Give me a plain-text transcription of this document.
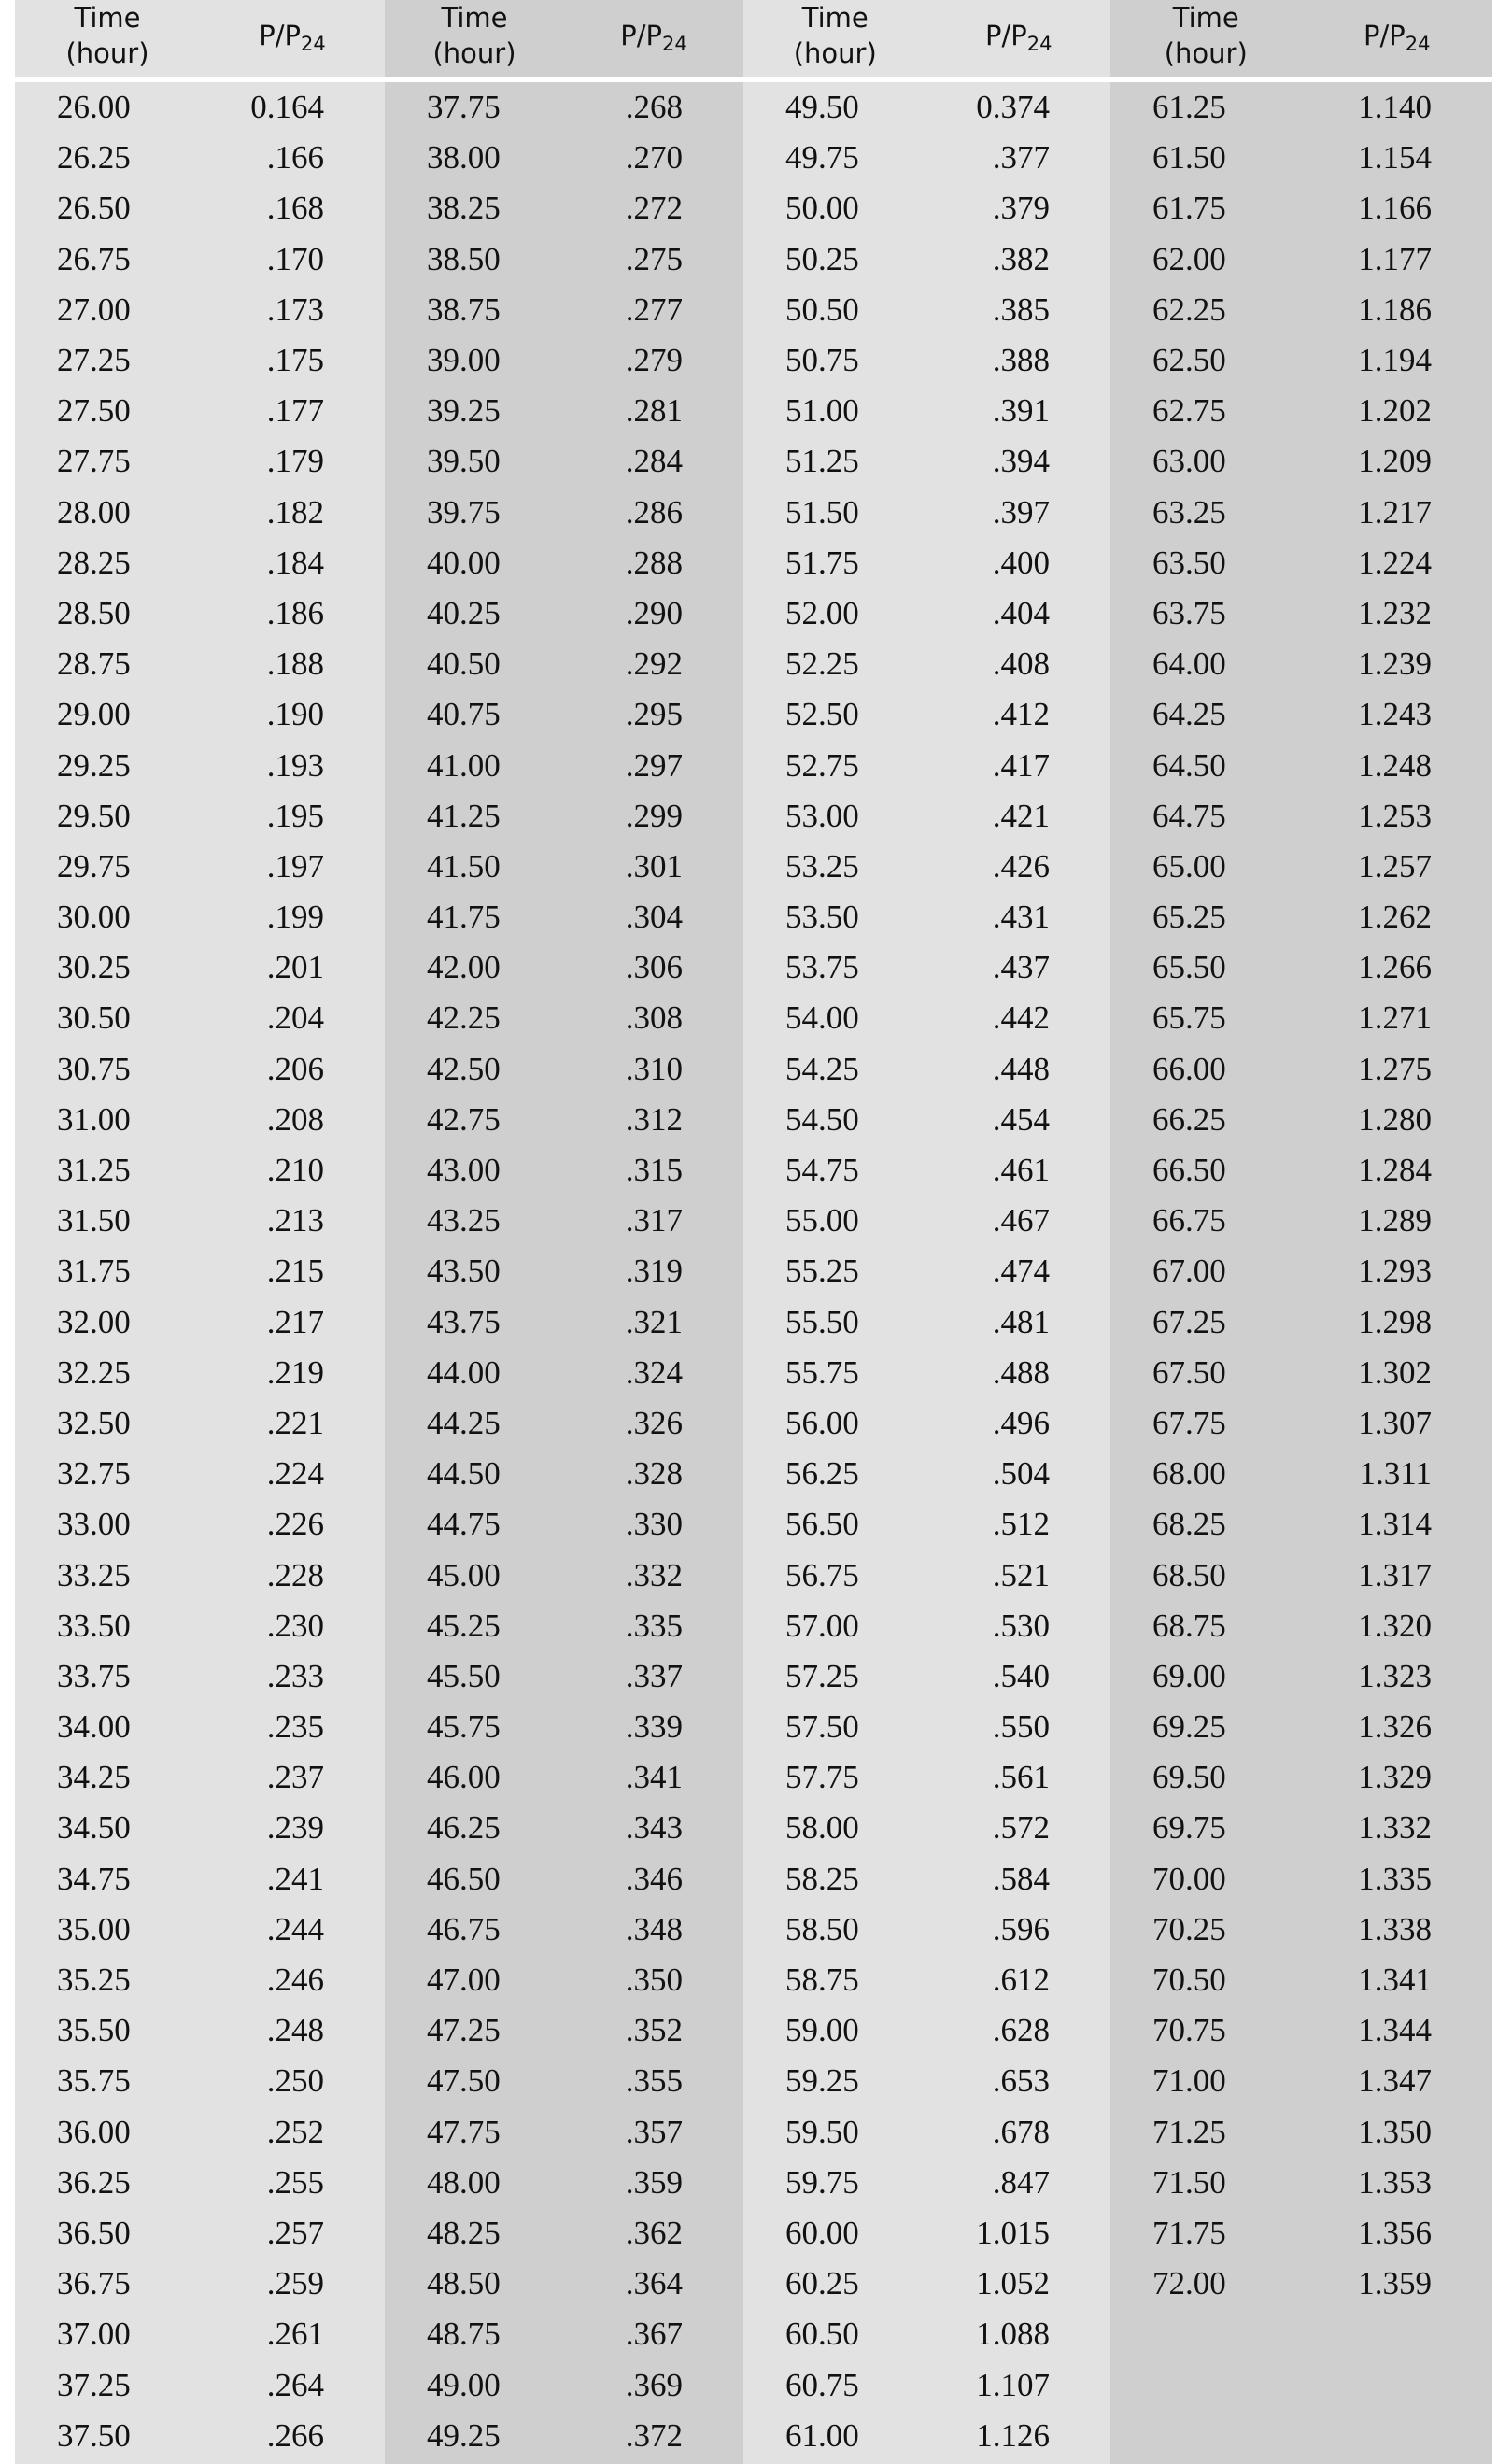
Time
(hour)
$P/P_{24}$
26.00	0.164
26.25	.166
26.50	.168
26.75	.170
27.00	.173
27.25	.175
27.50	.177
27.75	.179
28.00	.182
28.25	.184
28.50	.186
28.75	.188
29.00	.190
29.25	.193
29.50	.195
29.75	.197
30.00	.199
30.25	.201
30.50	.204
30.75	.206
31.00	.208
31.25	.210
31.50	.213
31.75	.215
32.00	.217
32.25	.219
32.50	.221
32.75	.224
33.00	.226
33.25	.228
33.50	.230
33.75	.233
34.00	.235
34.25	.237
34.50	.239
34.75	.241
35.00	.244
35.25	.246
35.50	.248
35.75	.250
36.00	.252
36.25	.255
36.50	.257
36.75	.259
37.00	.261
37.25	.264
37.50	.266
Time
(hour)
$P/P_{24}$
37.75	.268
38.00	.270
38.25	.272
38.50	.275
38.75	.277
39.00	.279
39.25	.281
39.50	.284
39.75	.286
40.00	.288
40.25	.290
40.50	.292
40.75	.295
41.00	.297
41.25	.299
41.50	.301
41.75	.304
42.00	.306
42.25	.308
42.50	.310
42.75	.312
43.00	.315
43.25	.317
43.50	.319
43.75	.321
44.00	.324
44.25	.326
44.50	.328
44.75	.330
45.00	.332
45.25	.335
45.50	.337
45.75	.339
46.00	.341
46.25	.343
46.50	.346
46.75	.348
47.00	.350
47.25	.352
47.50	.355
47.75	.357
48.00	.359
48.25	.362
48.50	.364
48.75	.367
49.00	.369
49.25	.372
Time
(hour)
$P/P_{24}$
49.50	0.374
49.75	.377
50.00	.379
50.25	.382
50.50	.385
50.75	.388
51.00	.391
51.25	.394
51.50	.397
51.75	.400
52.00	.404
52.25	.408
52.50	.412
52.75	.417
53.00	.421
53.25	.426
53.50	.431
53.75	.437
54.00	.442
54.25	.448
54.50	.454
54.75	.461
55.00	.467
55.25	.474
55.50	.481
55.75	.488
56.00	.496
56.25	.504
56.50	.512
56.75	.521
57.00	.530
57.25	.540
57.50	.550
57.75	.561
58.00	.572
58.25	.584
58.50	.596
58.75	.612
59.00	.628
59.25	.653
59.50	.678
59.75	.847
60.00	1.015
60.25	1.052
60.50	1.088
60.75	1.107
61.00	1.126
Time
(hour)
$P/P_{24}$
61.25	1.140
61.50	1.154
61.75	1.166
62.00	1.177
62.25	1.186
62.50	1.194
62.75	1.202
63.00	1.209
63.25	1.217
63.50	1.224
63.75	1.232
64.00	1.239
64.25	1.243
64.50	1.248
64.75	1.253
65.00	1.257
65.25	1.262
65.50	1.266
65.75	1.271
66.00	1.275
66.25	1.280
66.50	1.284
66.75	1.289
67.00	1.293
67.25	1.298
67.50	1.302
67.75	1.307
68.00	1.311
68.25	1.314
68.50	1.317
68.75	1.320
69.00	1.323
69.25	1.326
69.50	1.329
69.75	1.332
70.00	1.335
70.25	1.338
70.50	1.341
70.75	1.344
71.00	1.347
71.25	1.350
71.50	1.353
71.75	1.356
72.00	1.359
